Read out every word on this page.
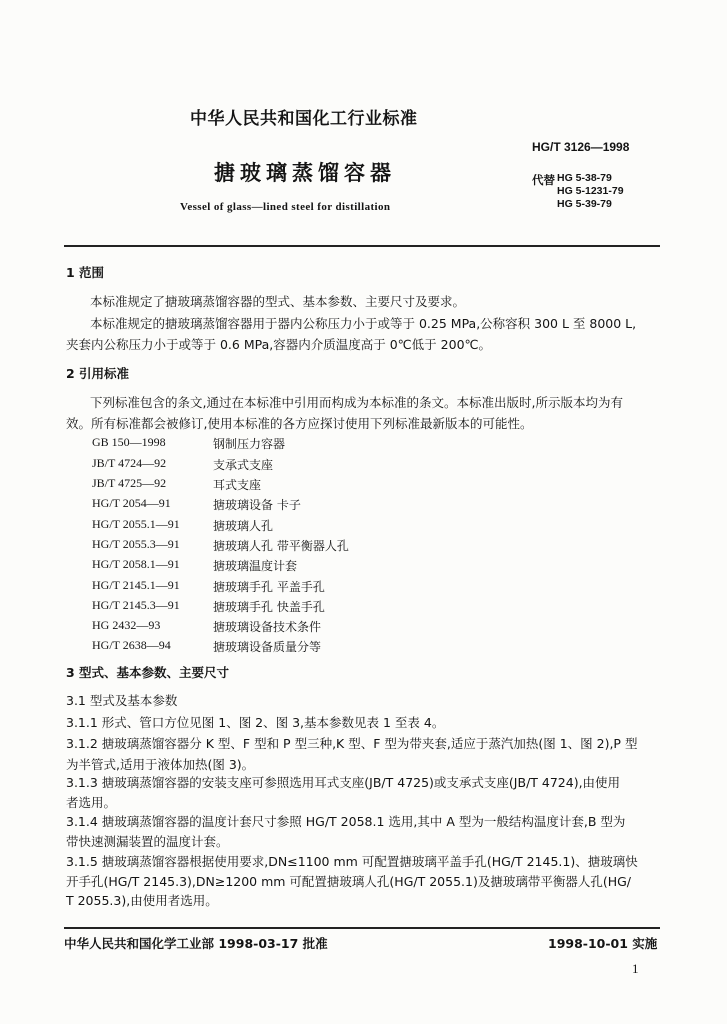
中华人民共和国化工行业标准
HG/T 3126—1998
搪玻璃蒸馏容器	代替 HG 5-38-79
HG 5-1231-79
HG 5-39-79
Vessel of glass—lined steel for distillation
1 范围
本标准规定了搪玻璃蒸馏容器的型式、基本参数、主要尺寸及要求。
本标准规定的搪玻璃蒸馏容器用于器内公称压力小于或等于 0.25 MPa,公称容积 300 L 至 8000 L,
夹套内公称压力小于或等于 0.6 MPa,容器内介质温度高于 0℃低于 200℃。
2 引用标准
下列标准包含的条文,通过在本标准中引用而构成为本标准的条文。本标准出版时,所示版本均为有
效。所有标准都会被修订,使用本标准的各方应探讨使用下列标准最新版本的可能性。
GB 150—1998	钢制压力容器
JB/T 4724—92	支承式支座
JB/T 4725—92	耳式支座
HG/T 2054—91	搪玻璃设备 卡子
HG/T 2055.1—91	搪玻璃人孔
HG/T 2055.3—91	搪玻璃人孔 带平衡器人孔
HG/T 2058.1—91	搪玻璃温度计套
HG/T 2145.1—91	搪玻璃手孔 平盖手孔
HG/T 2145.3—91	搪玻璃手孔 快盖手孔
HG 2432—93	搪玻璃设备技术条件
HG/T 2638—94	搪玻璃设备质量分等
3 型式、基本参数、主要尺寸
3.1 型式及基本参数
3.1.1 形式、管口方位见图 1、图 2、图 3,基本参数见表 1 至表 4。
3.1.2 搪玻璃蒸馏容器分 K 型、F 型和 P 型三种,K 型、F 型为带夹套,适应于蒸汽加热(图 1、图 2),P 型
为半管式,适用于液体加热(图 3)。
3.1.3 搪玻璃蒸馏容器的安装支座可参照选用耳式支座(JB/T 4725)或支承式支座(JB/T 4724),由使用
者选用。
3.1.4 搪玻璃蒸馏容器的温度计套尺寸参照 HG/T 2058.1 选用,其中 A 型为一般结构温度计套,B 型为
带快速测漏装置的温度计套。
3.1.5 搪玻璃蒸馏容器根据使用要求,DN≤1100 mm 可配置搪玻璃平盖手孔(HG/T 2145.1)、搪玻璃快
开手孔(HG/T 2145.3),DN≥1200 mm 可配置搪玻璃人孔(HG/T 2055.1)及搪玻璃带平衡器人孔(HG/
T 2055.3),由使用者选用。
中华人民共和国化学工业部 1998-03-17 批准	1998-10-01 实施
1
